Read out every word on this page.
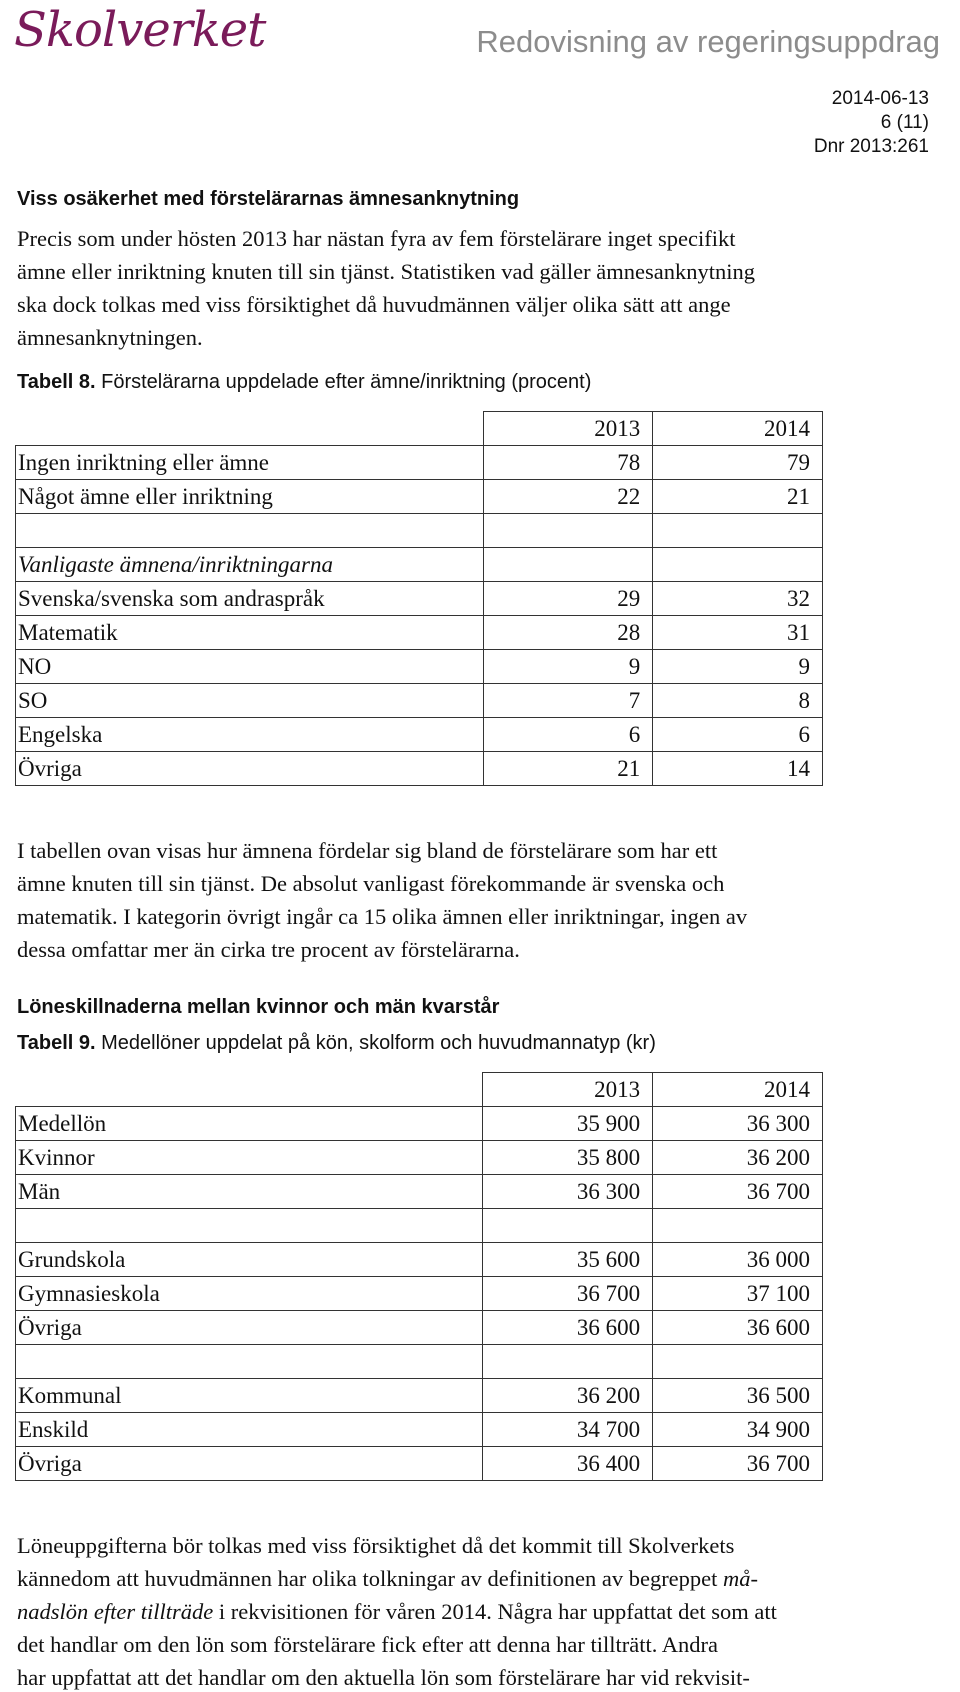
Skolverket	Redovisning av regeringsuppdrag
2014-06-13
6 (11)
Dnr 2013:261
Viss osäkerhet med förstelärarnas ämnesanknytning
Precis som under hösten 2013 har nästan fyra av fem förstelärare inget specifikt
ämne eller inriktning knuten till sin tjänst. Statistiken vad gäller ämnesanknytning
ska dock tolkas med viss försiktighet då huvudmännen väljer olika sätt att ange
ämnesanknytningen.
Tabell 8. Förstelärarna uppdelade efter ämne/inriktning (procent)
	2013	2014
Ingen inriktning eller ämne	78	79
Något ämne eller inriktning	22	21

Vanligaste ämnena/inriktningarna		
Svenska/svenska som andraspråk	29	32
Matematik	28	31
NO	9	9
SO	7	8
Engelska	6	6
Övriga	21	14
I tabellen ovan visas hur ämnena fördelar sig bland de förstelärare som har ett
ämne knuten till sin tjänst. De absolut vanligast förekommande är svenska och
matematik. I kategorin övrigt ingår ca 15 olika ämnen eller inriktningar, ingen av
dessa omfattar mer än cirka tre procent av förstelärarna.
Löneskillnaderna mellan kvinnor och män kvarstår
Tabell 9. Medellöner uppdelat på kön, skolform och huvudmannatyp (kr)
	2013	2014
Medellön	35 900	36 300
Kvinnor	35 800	36 200
Män	36 300	36 700

Grundskola	35 600	36 000
Gymnasieskola	36 700	37 100
Övriga	36 600	36 600

Kommunal	36 200	36 500
Enskild	34 700	34 900
Övriga	36 400	36 700
Löneuppgifterna bör tolkas med viss försiktighet då det kommit till Skolverkets
kännedom att huvudmännen har olika tolkningar av definitionen av begreppet må-
nadslön efter tillträde i rekvisitionen för våren 2014. Några har uppfattat det som att
det handlar om den lön som förstelärare fick efter att denna har tillträtt. Andra
har uppfattat att det handlar om den aktuella lön som förstelärare har vid rekvisit-
